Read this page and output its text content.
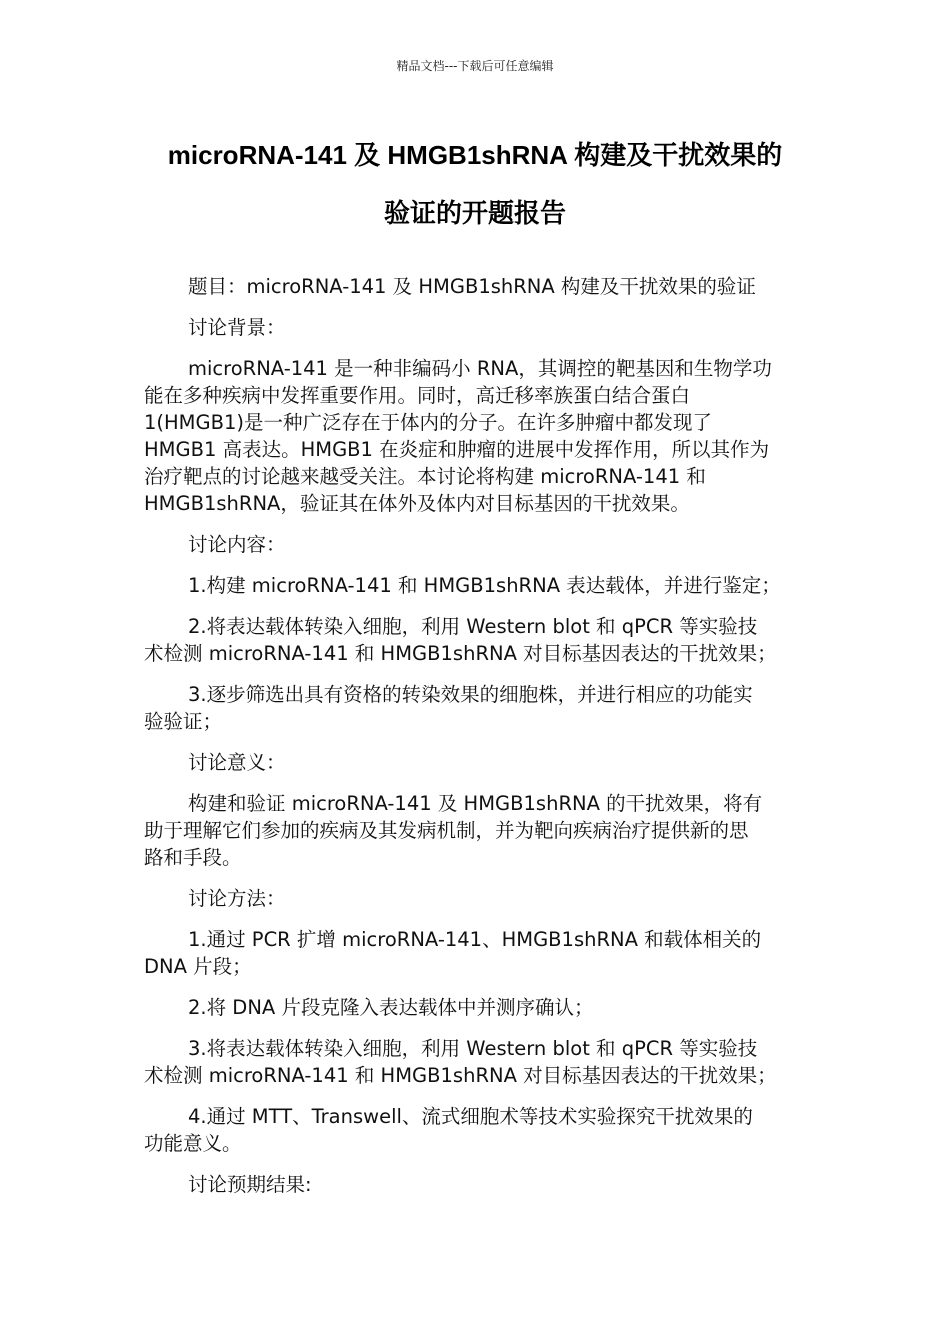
精品文档---下载后可任意编辑
microRNA-141 及 HMGB1shRNA 构建及干扰效果的
验证的开题报告
题目：microRNA-141 及 HMGB1shRNA 构建及干扰效果的验证
讨论背景：
microRNA-141 是一种非编码小 RNA，其调控的靶基因和生物学功
能在多种疾病中发挥重要作用。同时，高迁移率族蛋白结合蛋白
1(HMGB1)是一种广泛存在于体内的分子。在许多肿瘤中都发现了
HMGB1 高表达。HMGB1 在炎症和肿瘤的进展中发挥作用，所以其作为
治疗靶点的讨论越来越受关注。本讨论将构建 microRNA-141 和
HMGB1shRNA，验证其在体外及体内对目标基因的干扰效果。
讨论内容：
1.构建 microRNA-141 和 HMGB1shRNA 表达载体，并进行鉴定；
2.将表达载体转染入细胞，利用 Western blot 和 qPCR 等实验技
术检测 microRNA-141 和 HMGB1shRNA 对目标基因表达的干扰效果；
3.逐步筛选出具有资格的转染效果的细胞株，并进行相应的功能实
验验证；
讨论意义：
构建和验证 microRNA-141 及 HMGB1shRNA 的干扰效果，将有
助于理解它们参加的疾病及其发病机制，并为靶向疾病治疗提供新的思
路和手段。
讨论方法：
1.通过 PCR 扩增 microRNA-141、HMGB1shRNA 和载体相关的
DNA 片段；
2.将 DNA 片段克隆入表达载体中并测序确认；
3.将表达载体转染入细胞，利用 Western blot 和 qPCR 等实验技
术检测 microRNA-141 和 HMGB1shRNA 对目标基因表达的干扰效果；
4.通过 MTT、Transwell、流式细胞术等技术实验探究干扰效果的
功能意义。
讨论预期结果:
